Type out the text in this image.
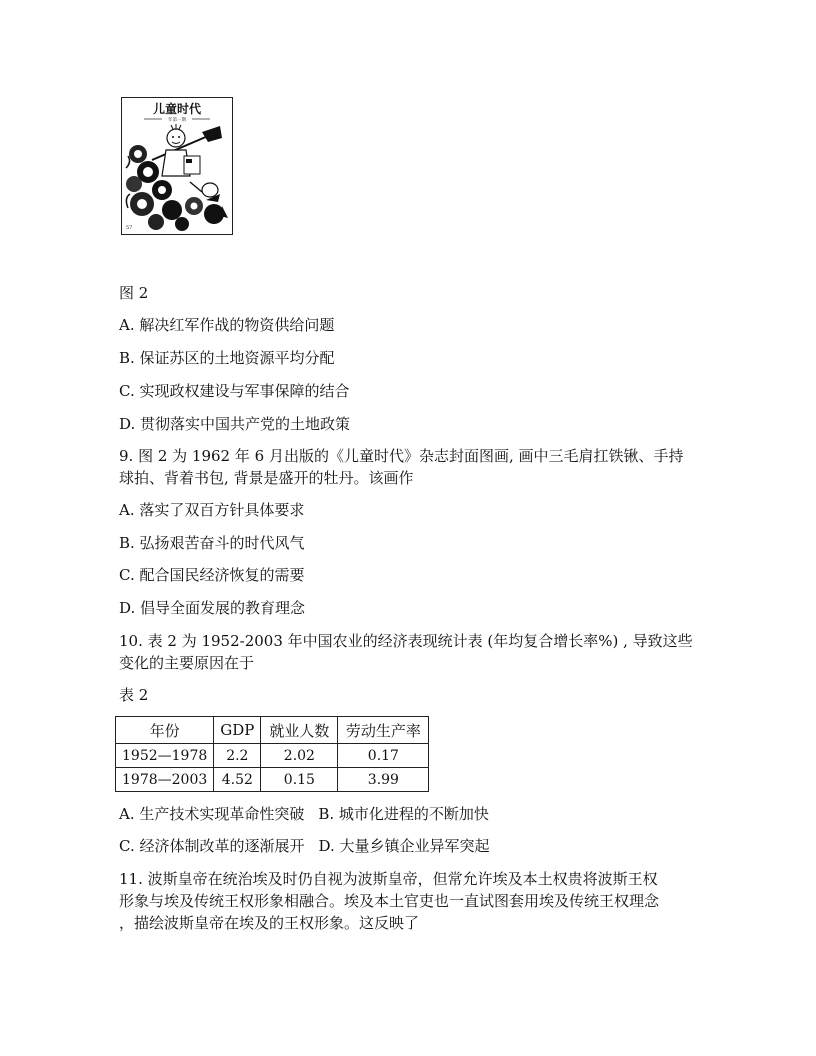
儿童时代
年第一期
57
图 2
A. 解决红军作战的物资供给问题
B. 保证苏区的土地资源平均分配
C. 实现政权建设与军事保障的结合
D. 贯彻落实中国共产党的土地政策
9. 图 2 为 1962 年 6 月出版的《儿童时代》杂志封面图画, 画中三毛肩扛铁锹、手持
球拍、背着书包, 背景是盛开的牡丹。该画作
A. 落实了双百方针具体要求
B. 弘扬艰苦奋斗的时代风气
C. 配合国民经济恢复的需要
D. 倡导全面发展的教育理念
10. 表 2 为 1952-2003 年中国农业的经济表现统计表 (年均复合增长率%) , 导致这些
变化的主要原因在于
表 2
年份	GDP	就业人数	劳动生产率
1952—1978	2.2	2.02	0.17
1978—2003	4.52	0.15	3.99
A. 生产技术实现革命性突破 B. 城市化进程的不断加快
C. 经济体制改革的逐渐展开 D. 大量乡镇企业异军突起
11. 波斯皇帝在统治埃及时仍自视为波斯皇帝，但常允许埃及本土权贵将波斯王权
形象与埃及传统王权形象相融合。埃及本土官吏也一直试图套用埃及传统王权理念
，描绘波斯皇帝在埃及的王权形象。这反映了
